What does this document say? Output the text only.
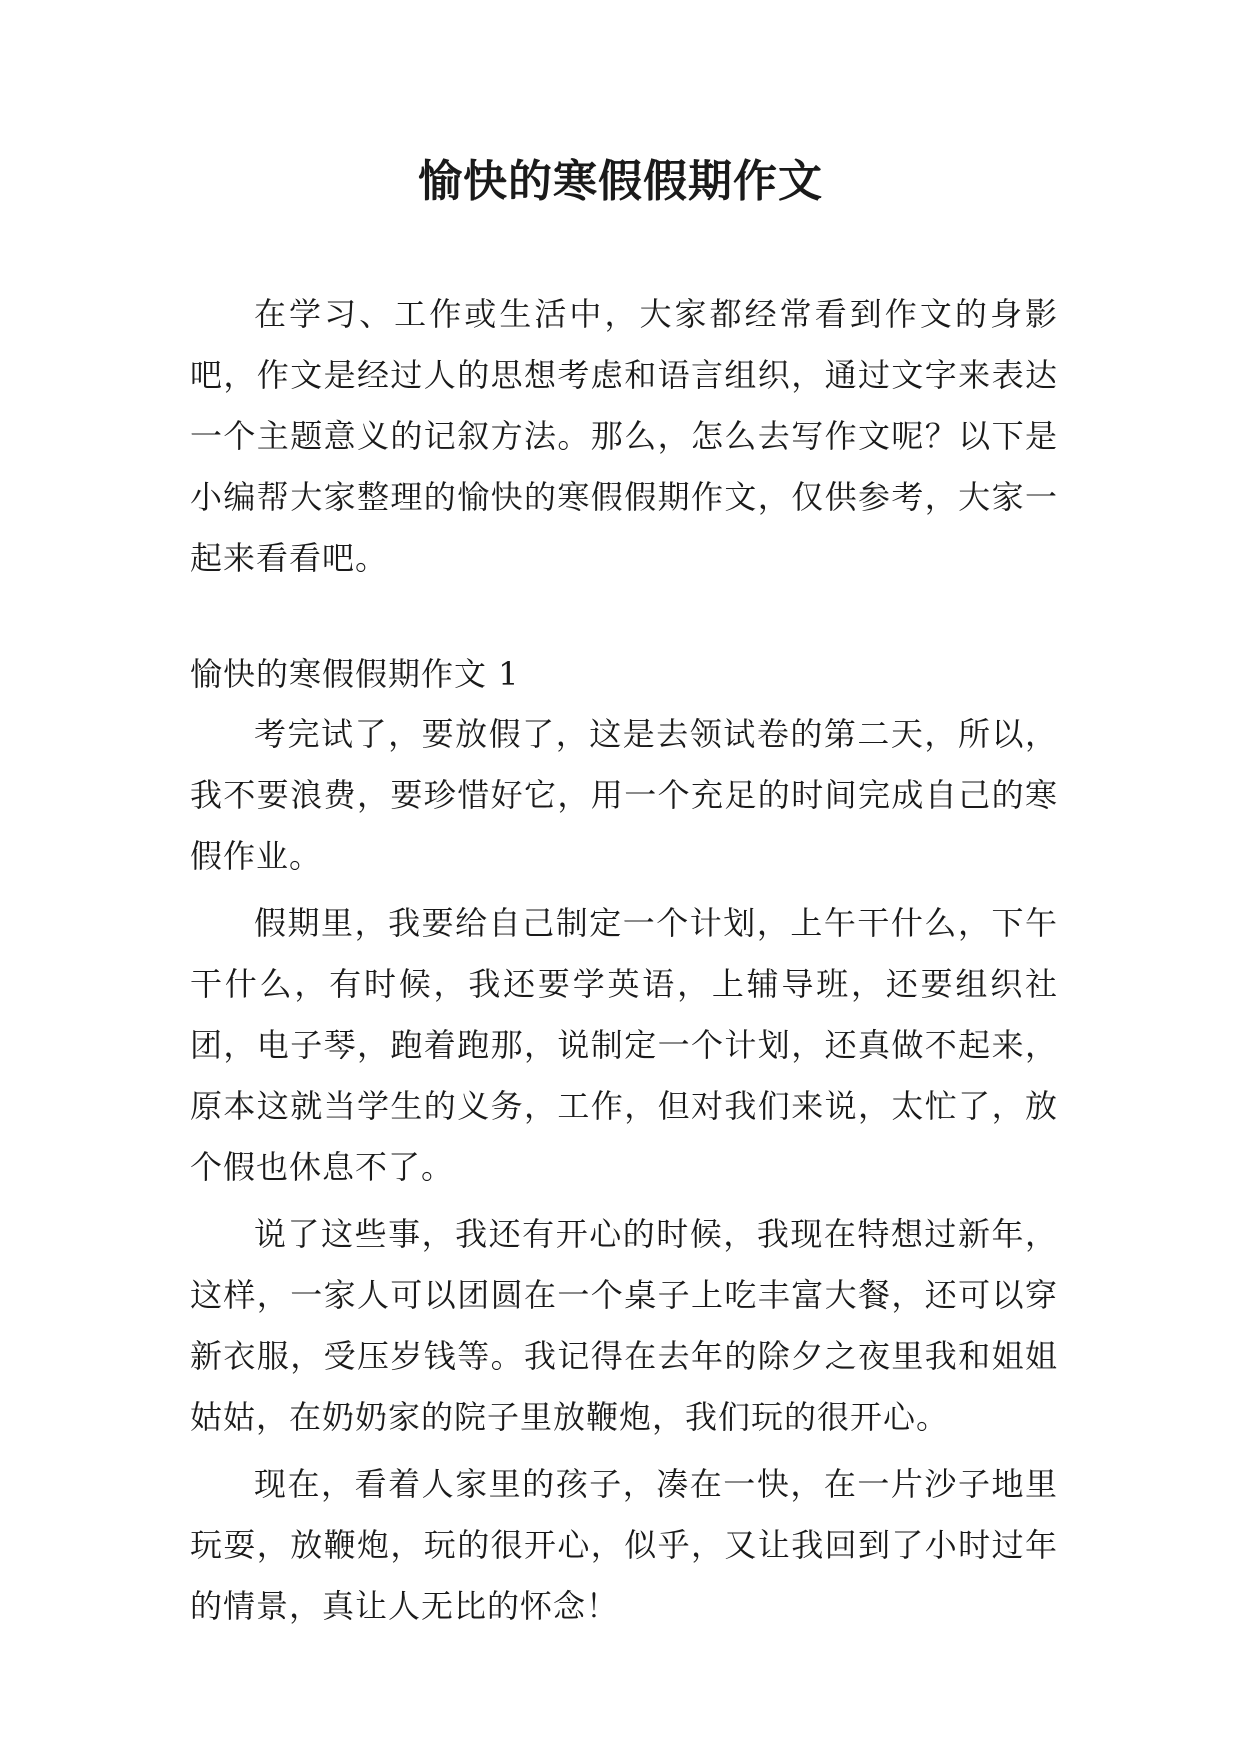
愉快的寒假假期作文

在学习、工作或生活中，大家都经常看到作文的身影吧，作文是经过人的思想考虑和语言组织，通过文字来表达一个主题意义的记叙方法。那么，怎么去写作文呢？以下是小编帮大家整理的愉快的寒假假期作文，仅供参考，大家一起来看看吧。

愉快的寒假假期作文 1

考完试了，要放假了，这是去领试卷的第二天，所以，我不要浪费，要珍惜好它，用一个充足的时间完成自己的寒假作业。

假期里，我要给自己制定一个计划，上午干什么，下午干什么，有时候，我还要学英语，上辅导班，还要组织社团，电子琴，跑着跑那，说制定一个计划，还真做不起来，原本这就当学生的义务，工作，但对我们来说，太忙了，放个假也休息不了。

说了这些事，我还有开心的时候，我现在特想过新年，这样，一家人可以团圆在一个桌子上吃丰富大餐，还可以穿新衣服，受压岁钱等。我记得在去年的除夕之夜里我和姐姐姑姑，在奶奶家的院子里放鞭炮，我们玩的很开心。

现在，看着人家里的孩子，凑在一快，在一片沙子地里玩耍，放鞭炮，玩的很开心，似乎，又让我回到了小时过年的情景，真让人无比的怀念！
